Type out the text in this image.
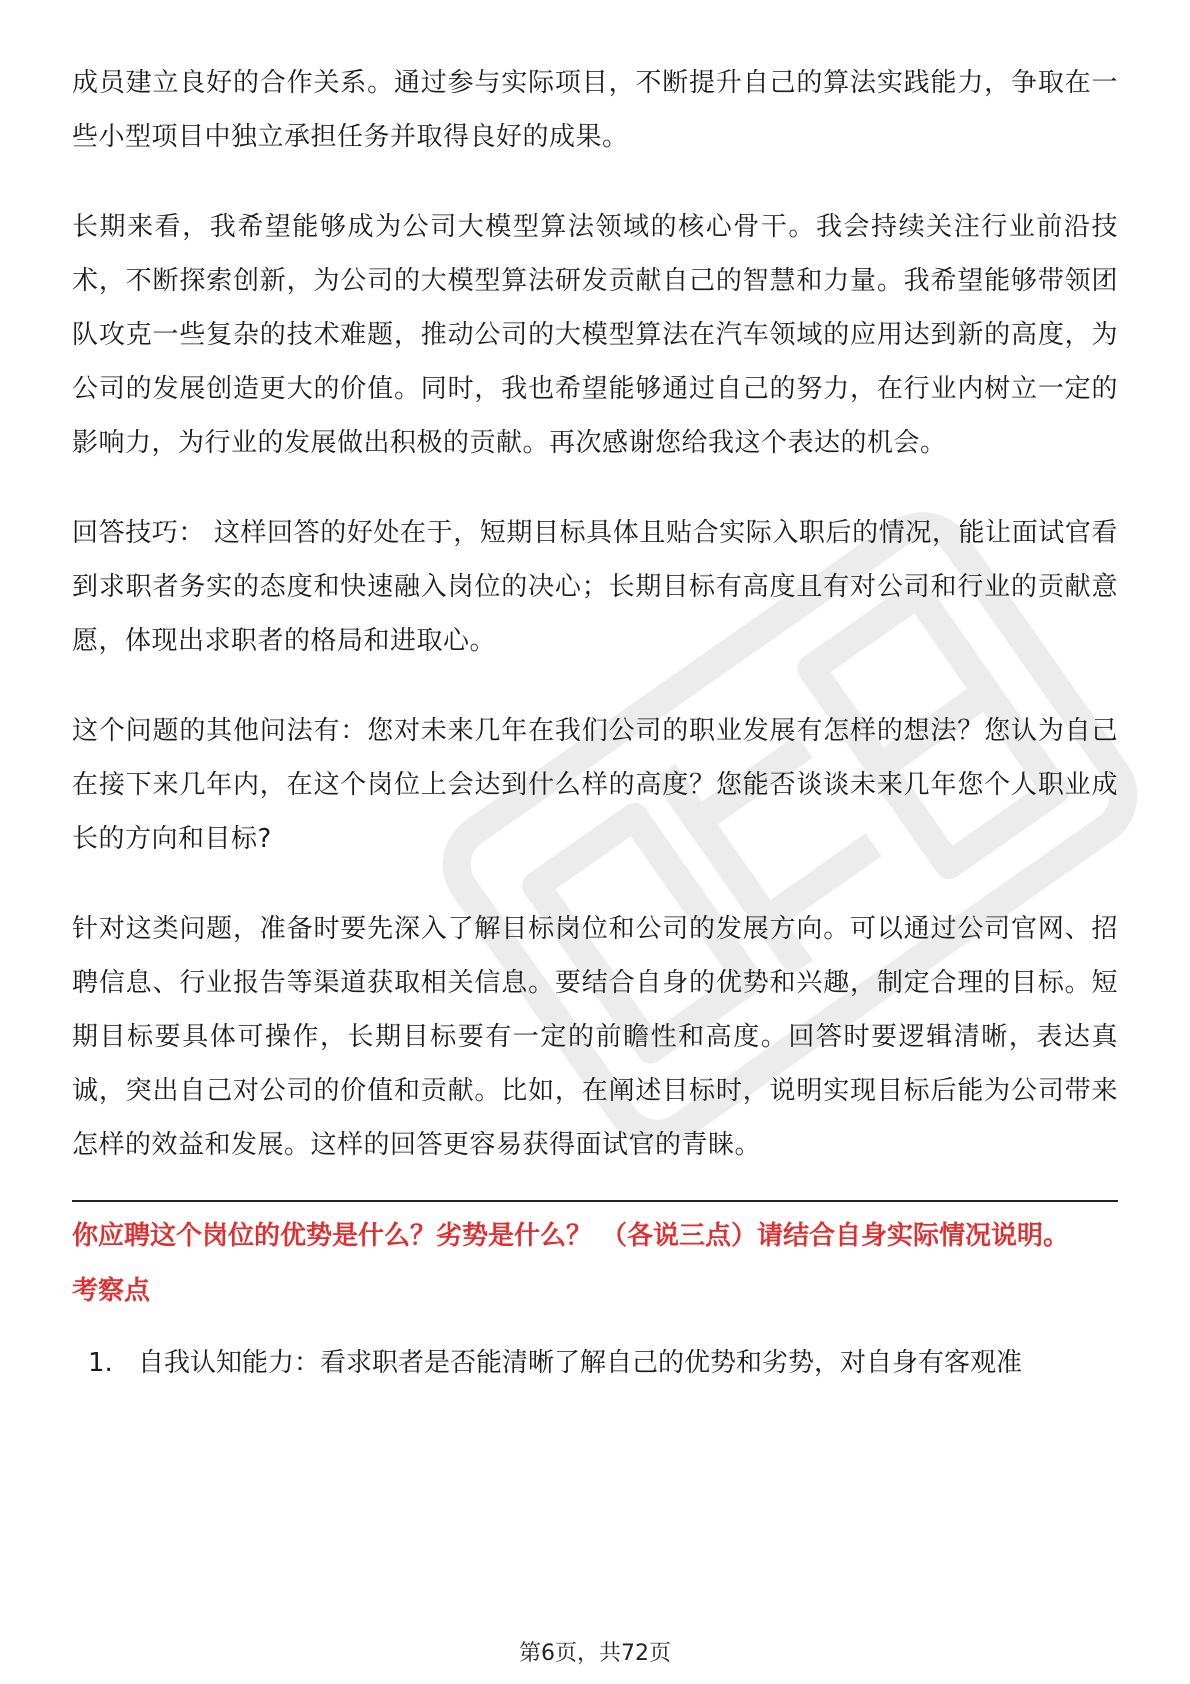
成员建立良好的合作关系。通过参与实际项目，不断提升自己的算法实践能力，争取在一些小型项目中独立承担任务并取得良好的成果。

长期来看，我希望能够成为公司大模型算法领域的核心骨干。我会持续关注行业前沿技术，不断探索创新，为公司的大模型算法研发贡献自己的智慧和力量。我希望能够带领团队攻克一些复杂的技术难题，推动公司的大模型算法在汽车领域的应用达到新的高度，为公司的发展创造更大的价值。同时，我也希望能够通过自己的努力，在行业内树立一定的影响力，为行业的发展做出积极的贡献。再次感谢您给我这个表达的机会。

回答技巧： 这样回答的好处在于，短期目标具体且贴合实际入职后的情况，能让面试官看到求职者务实的态度和快速融入岗位的决心；长期目标有高度且有对公司和行业的贡献意愿，体现出求职者的格局和进取心。

这个问题的其他问法有：您对未来几年在我们公司的职业发展有怎样的想法？您认为自己在接下来几年内，在这个岗位上会达到什么样的高度？您能否谈谈未来几年您个人职业成长的方向和目标?

针对这类问题，准备时要先深入了解目标岗位和公司的发展方向。可以通过公司官网、招聘信息、行业报告等渠道获取相关信息。要结合自身的优势和兴趣，制定合理的目标。短期目标要具体可操作，长期目标要有一定的前瞻性和高度。回答时要逻辑清晰，表达真诚，突出自己对公司的价值和贡献。比如，在阐述目标时，说明实现目标后能为公司带来怎样的效益和发展。这样的回答更容易获得面试官的青睐。

你应聘这个岗位的优势是什么？劣势是什么？ （各说三点）请结合自身实际情况说明。

考察点

1. 自我认知能力：看求职者是否能清晰了解自己的优势和劣势，对自身有客观准
第6页，共72页
